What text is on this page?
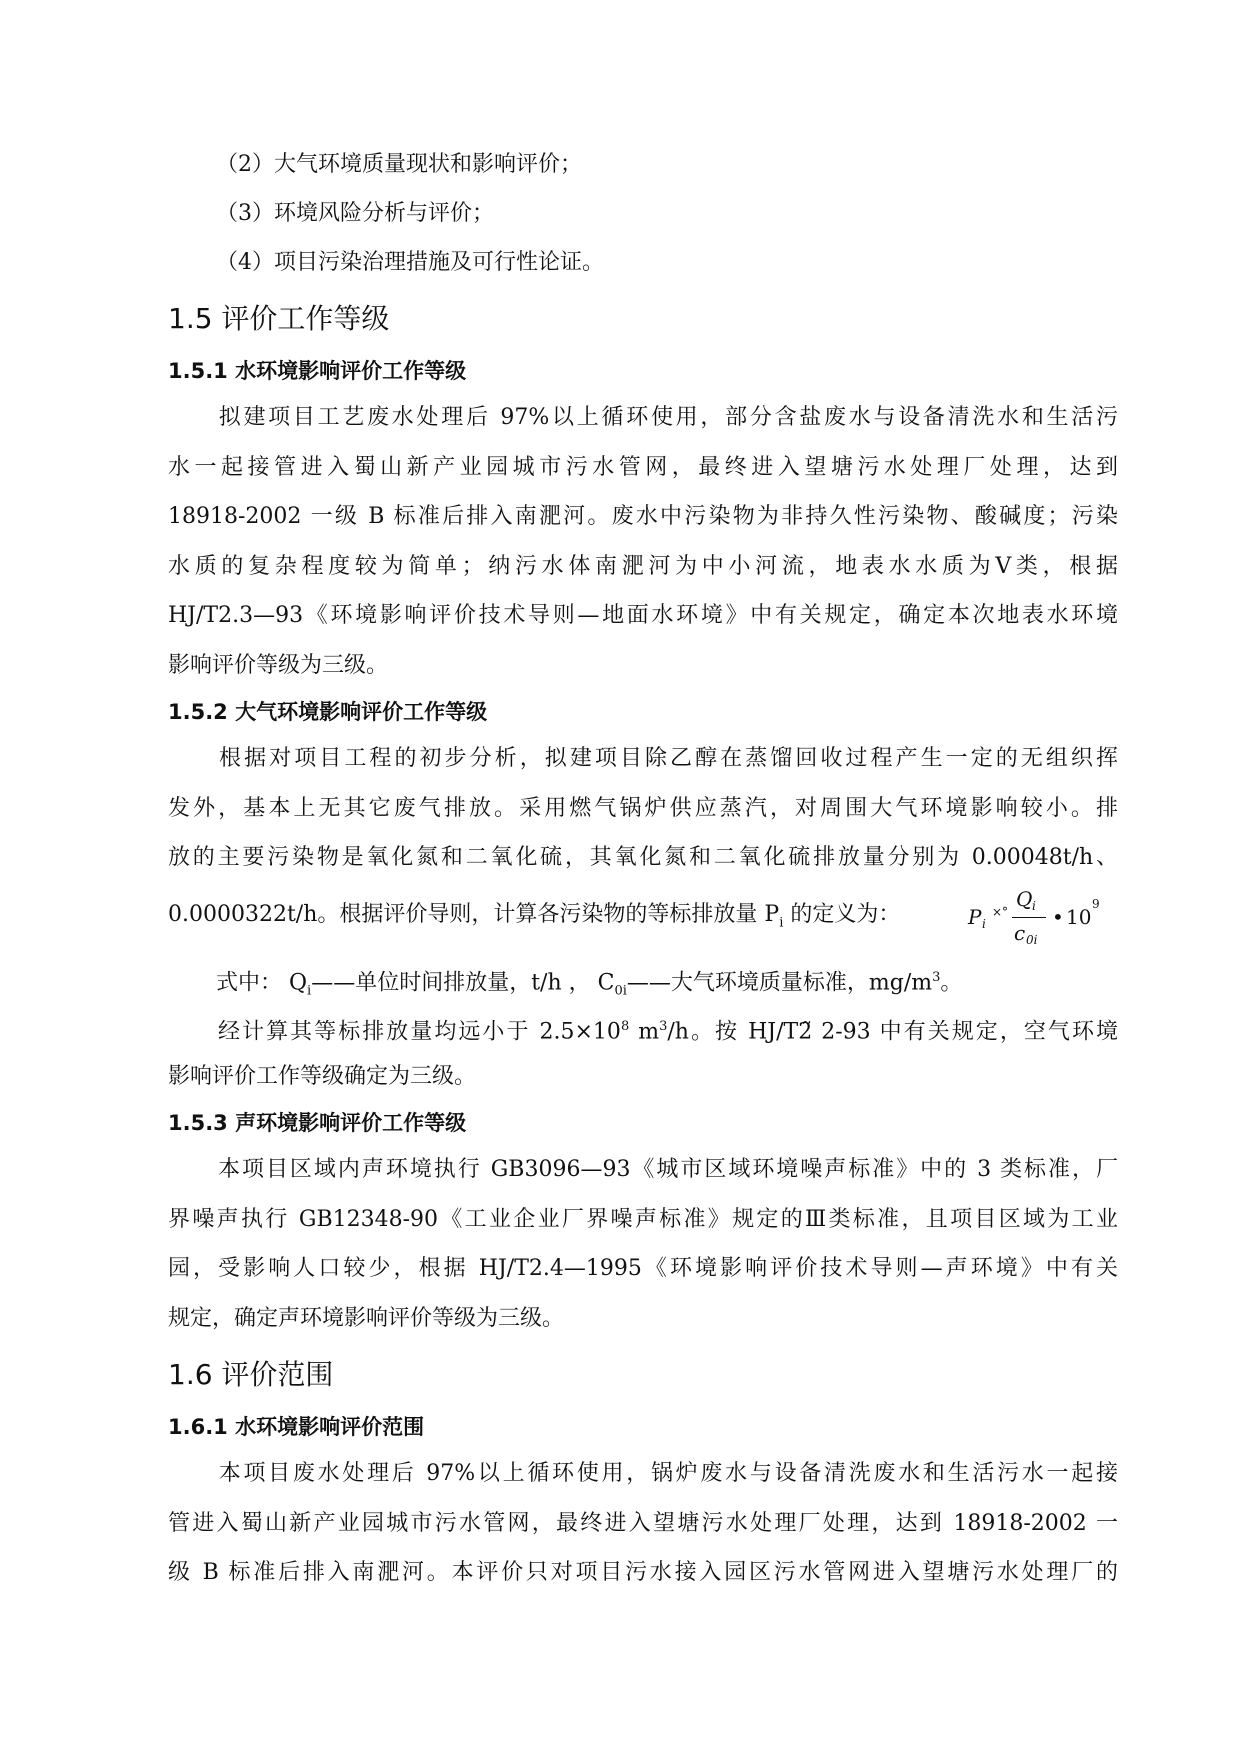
（2）大气环境质量现状和影响评价；
（3）环境风险分析与评价；
（4）项目污染治理措施及可行性论证。
1.5 评价工作等级
1.5.1 水环境影响评价工作等级
拟建项目工艺废水处理后 97%以上循环使用，部分含盐废水与设备清洗水和生活污
水一起接管进入蜀山新产业园城市污水管网，最终进入望塘污水处理厂处理，达到
18918-2002 一级 B 标准后排入南淝河。废水中污染物为非持久性污染物、酸碱度；污染
水质的复杂程度较为简单；纳污水体南淝河为中小河流，地表水水质为Ⅴ类，根据
HJ/T2.3—93《环境影响评价技术导则—地面水环境》中有关规定，确定本次地表水环境
影响评价等级为三级。
1.5.2 大气环境影响评价工作等级
根据对项目工程的初步分析，拟建项目除乙醇在蒸馏回收过程产生一定的无组织挥
发外，基本上无其它废气排放。采用燃气锅炉供应蒸汽，对周围大气环境影响较小。排
放的主要污染物是氧化氮和二氧化硫，其氧化氮和二氧化硫排放量分别为 0.00048t/h、
0.0000322t/h。根据评价导则，计算各污染物的等标排放量 $P_i$ 的定义为：	P i
×°
Q i
c 0i
• 10
9
式中： $Q_i——$单位时间排放量，t/h ， $C_{0i}——$大气环境质量标准，$mg/m^3$。
经计算其等标排放量均远小于 $2.5\times 10^8$ $m^3/h$。按 HJ/T2̃ 2-93 中有关规定，空气环境
影响评价工作等级确定为三级。
1.5.3 声环境影响评价工作等级
本项目区域内声环境执行 GB3096—93《城市区域环境噪声标准》中的 3 类标准，厂
界噪声执行 GB12348-90《工业企业厂界噪声标准》规定的Ⅲ类标准，且项目区域为工业
园，受影响人口较少，根据 HJ/T2.4—1995《环境影响评价技术导则—声环境》中有关
规定，确定声环境影响评价等级为三级。
1.6 评价范围
1.6.1 水环境影响评价范围
本项目废水处理后 97%以上循环使用，锅炉废水与设备清洗废水和生活污水一起接
管进入蜀山新产业园城市污水管网，最终进入望塘污水处理厂处理，达到 18918-2002 一
级 B 标准后排入南淝河。本评价只对项目污水接入园区污水管网进入望塘污水处理厂的
